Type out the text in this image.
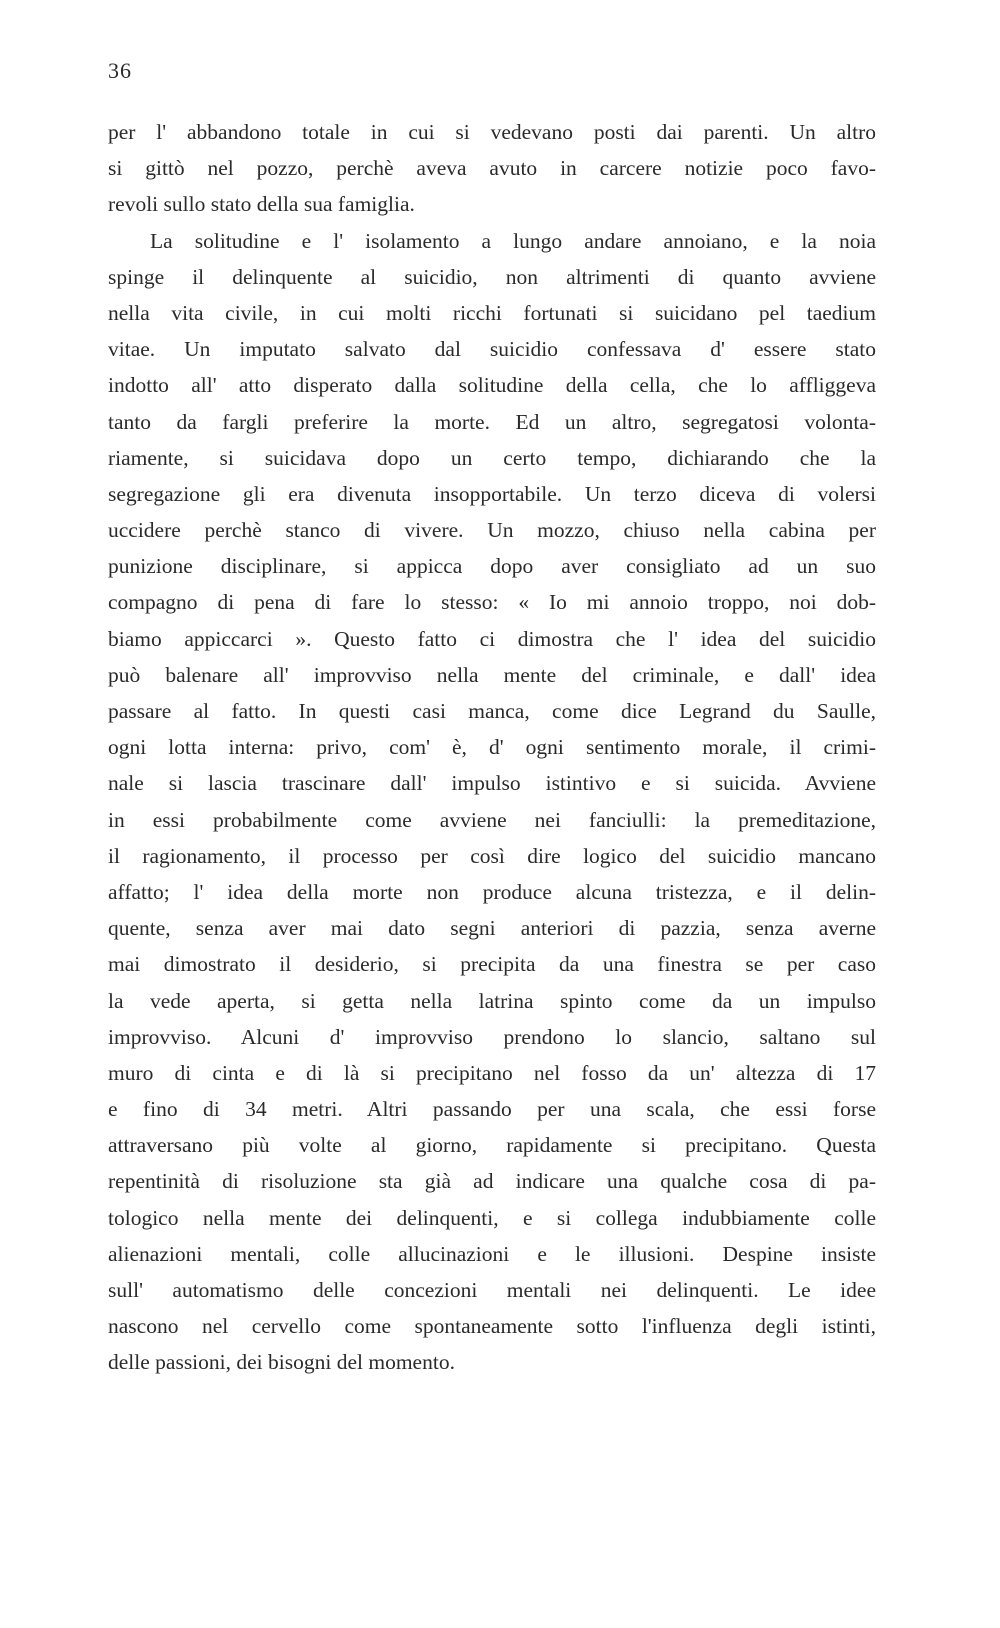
36
per l' abbandono totale in cui si vedevano posti dai parenti. Un altro
si gittò nel pozzo, perchè aveva avuto in carcere notizie poco favo-
revoli sullo stato della sua famiglia.
La solitudine e l' isolamento a lungo andare annoiano, e la noia
spinge il delinquente al suicidio, non altrimenti di quanto avviene
nella vita civile, in cui molti ricchi fortunati si suicidano pel taedium
vitae. Un imputato salvato dal suicidio confessava d' essere stato
indotto all' atto disperato dalla solitudine della cella, che lo affliggeva
tanto da fargli preferire la morte. Ed un altro, segregatosi volonta-
riamente, si suicidava dopo un certo tempo, dichiarando che la
segregazione gli era divenuta insopportabile. Un terzo diceva di volersi
uccidere perchè stanco di vivere. Un mozzo, chiuso nella cabina per
punizione disciplinare, si appicca dopo aver consigliato ad un suo
compagno di pena di fare lo stesso: « Io mi annoio troppo, noi dob-
biamo appiccarci ». Questo fatto ci dimostra che l' idea del suicidio
può balenare all' improvviso nella mente del criminale, e dall' idea
passare al fatto. In questi casi manca, come dice Legrand du Saulle,
ogni lotta interna: privo, com' è, d' ogni sentimento morale, il crimi-
nale si lascia trascinare dall' impulso istintivo e si suicida. Avviene
in essi probabilmente come avviene nei fanciulli: la premeditazione,
il ragionamento, il processo per così dire logico del suicidio mancano
affatto; l' idea della morte non produce alcuna tristezza, e il delin-
quente, senza aver mai dato segni anteriori di pazzia, senza averne
mai dimostrato il desiderio, si precipita da una finestra se per caso
la vede aperta, si getta nella latrina spinto come da un impulso
improvviso. Alcuni d' improvviso prendono lo slancio, saltano sul
muro di cinta e di là si precipitano nel fosso da un' altezza di 17
e fino di 34 metri. Altri passando per una scala, che essi forse
attraversano più volte al giorno, rapidamente si precipitano. Questa
repentinità di risoluzione sta già ad indicare una qualche cosa di pa-
tologico nella mente dei delinquenti, e si collega indubbiamente colle
alienazioni mentali, colle allucinazioni e le illusioni. Despine insiste
sull' automatismo delle concezioni mentali nei delinquenti. Le idee
nascono nel cervello come spontaneamente sotto l'influenza degli istinti,
delle passioni, dei bisogni del momento.
